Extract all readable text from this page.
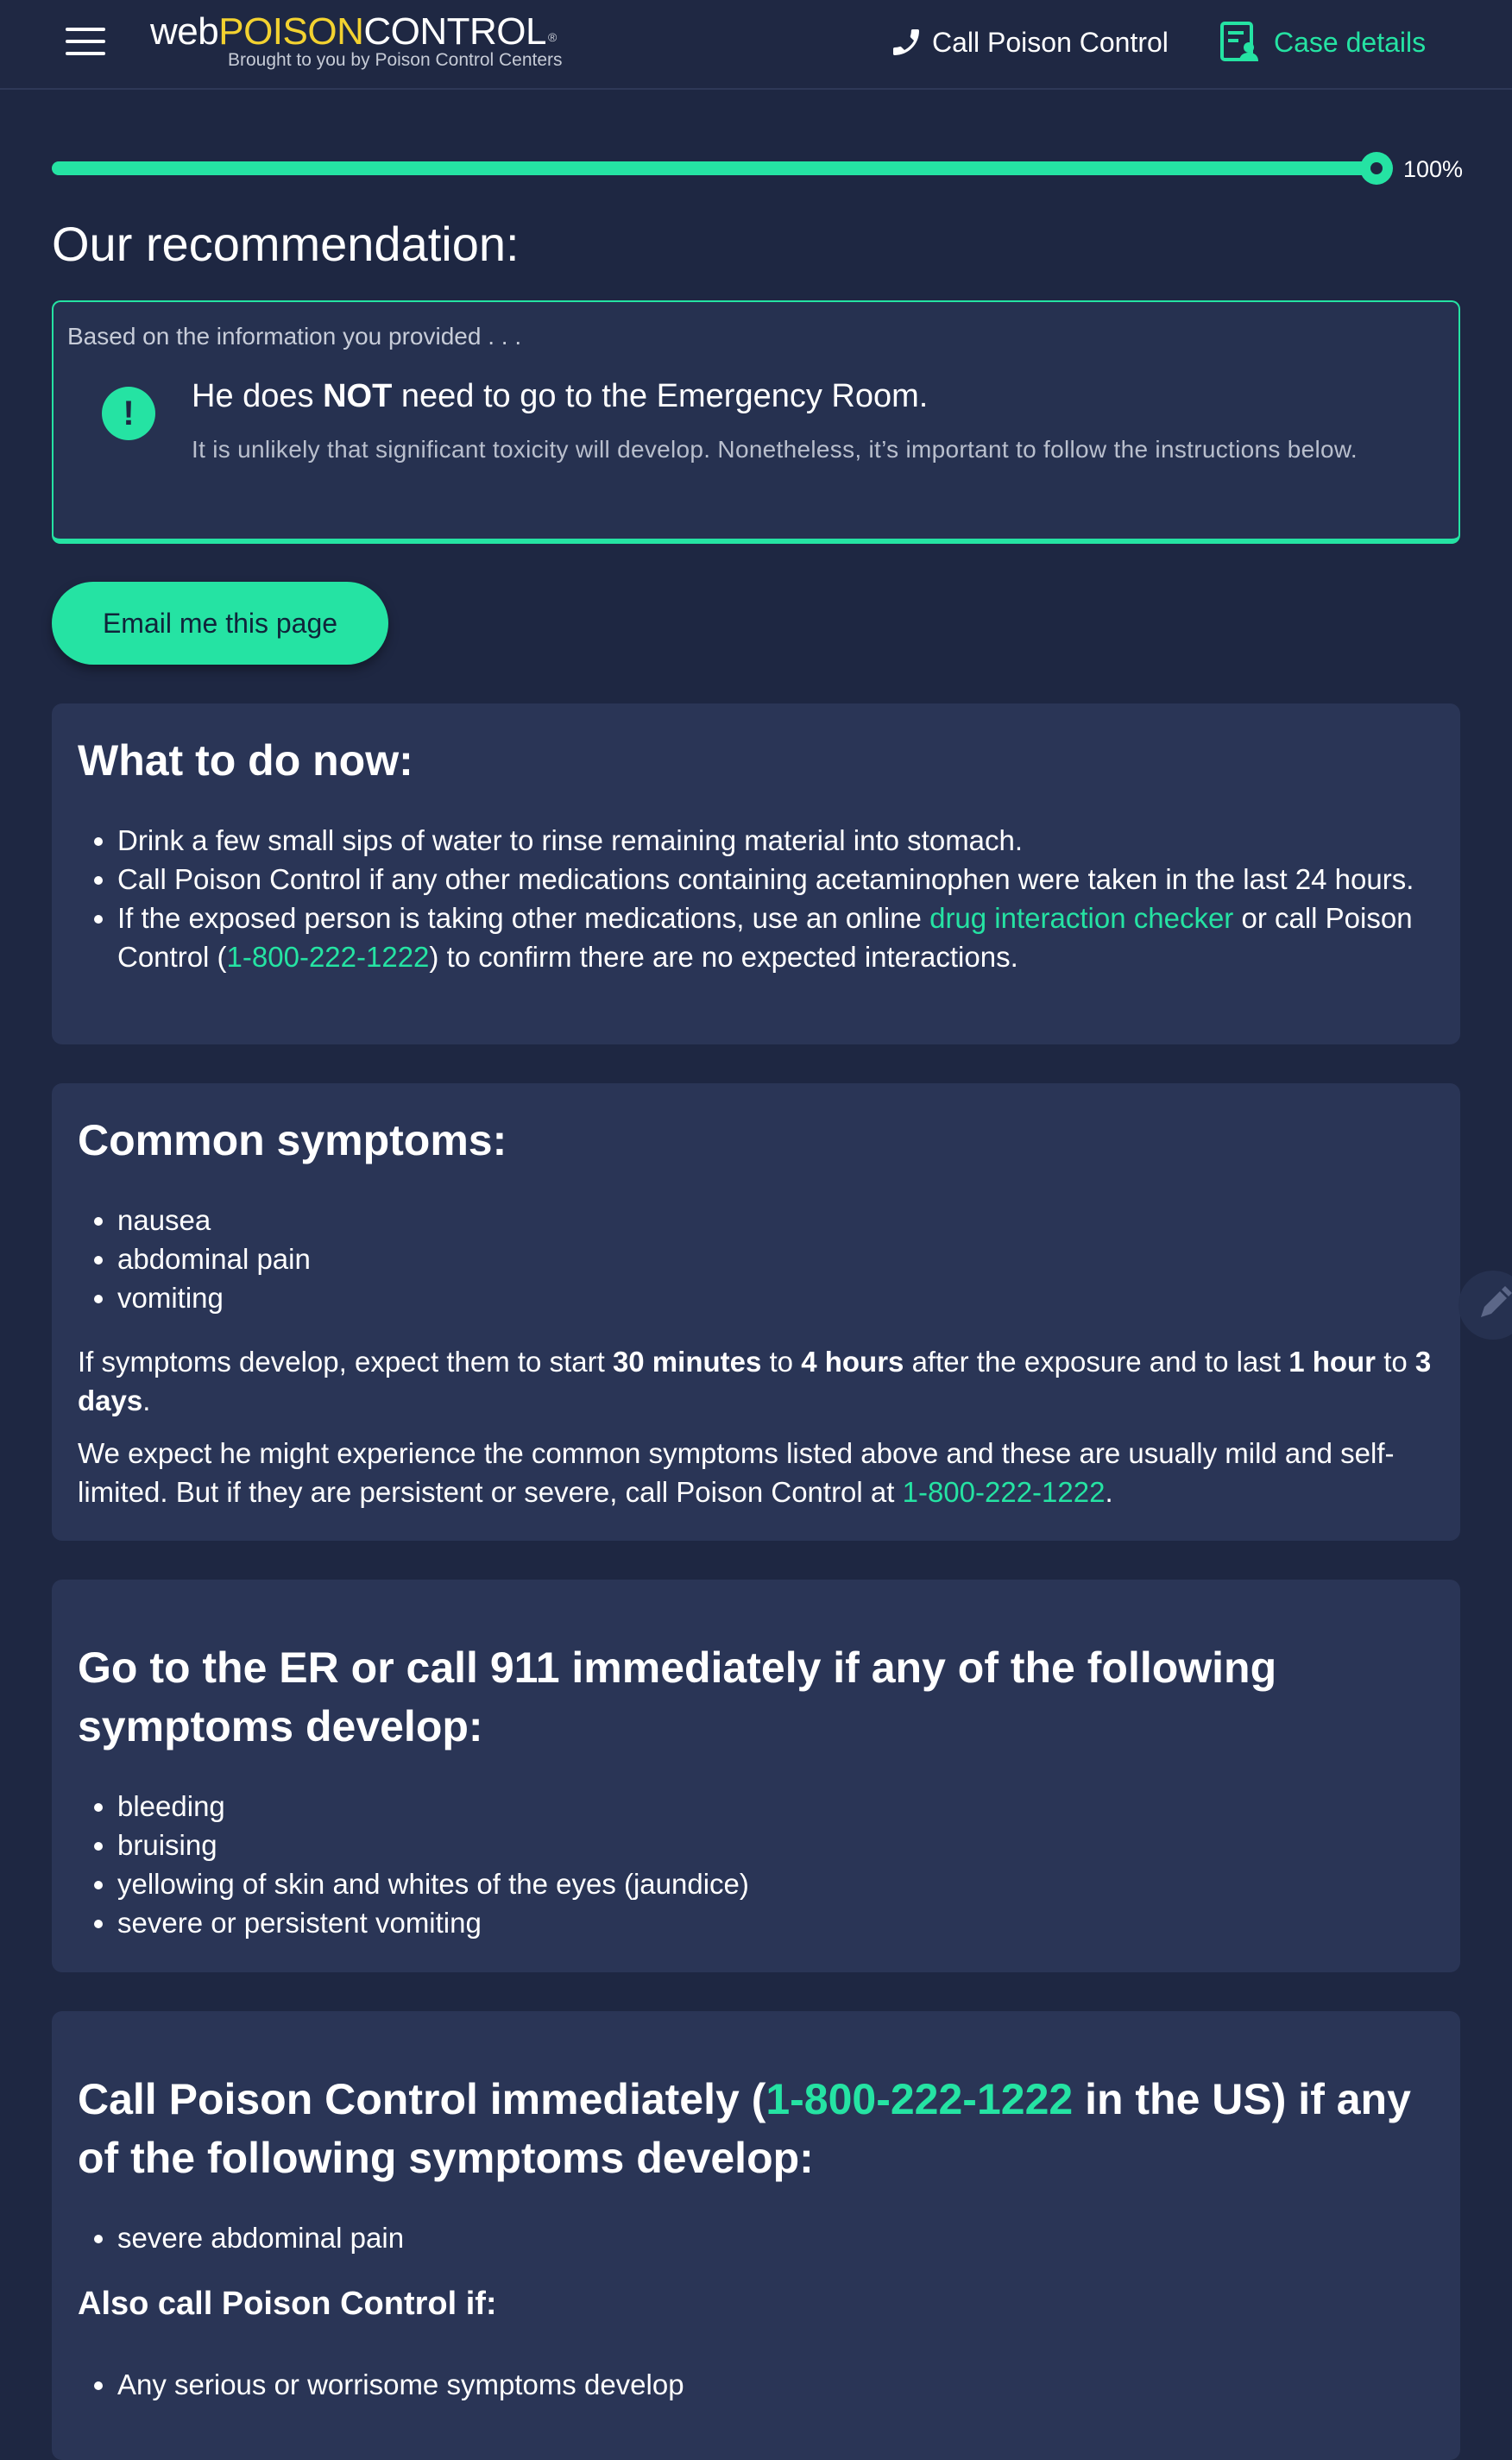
webPOISONCONTROL ®
Brought to you by Poison Control Centers
Call Poison Control	Case details
100%
Our recommendation:
Based on the information you provided . . .
!	He does NOT need to go to the Emergency Room.
It is unlikely that significant toxicity will develop. Nonetheless, it’s important to follow the instructions below.
Email me this page
What to do now:
• Drink a few small sips of water to rinse remaining material into stomach.
• Call Poison Control if any other medications containing acetaminophen were taken in the last 24 hours.
• If the exposed person is taking other medications, use an online drug interaction checker or call Poison Control (1-800-222-1222) to confirm there are no expected interactions.
Common symptoms:
• nausea
• abdominal pain
• vomiting

If symptoms develop, expect them to start 30 minutes to 4 hours after the exposure and to last 1 hour to 3 days.

We expect he might experience the common symptoms listed above and these are usually mild and self-limited. But if they are persistent or severe, call Poison Control at 1-800-222-1222.

Go to the ER or call 911 immediately if any of the following symptoms develop:
• bleeding
• bruising
• yellowing of skin and whites of the eyes (jaundice)
• severe or persistent vomiting
Call Poison Control immediately (1-800-222-1222 in the US) if any of the following symptoms develop:
• severe abdominal pain
Also call Poison Control if:
• Any serious or worrisome symptoms develop
